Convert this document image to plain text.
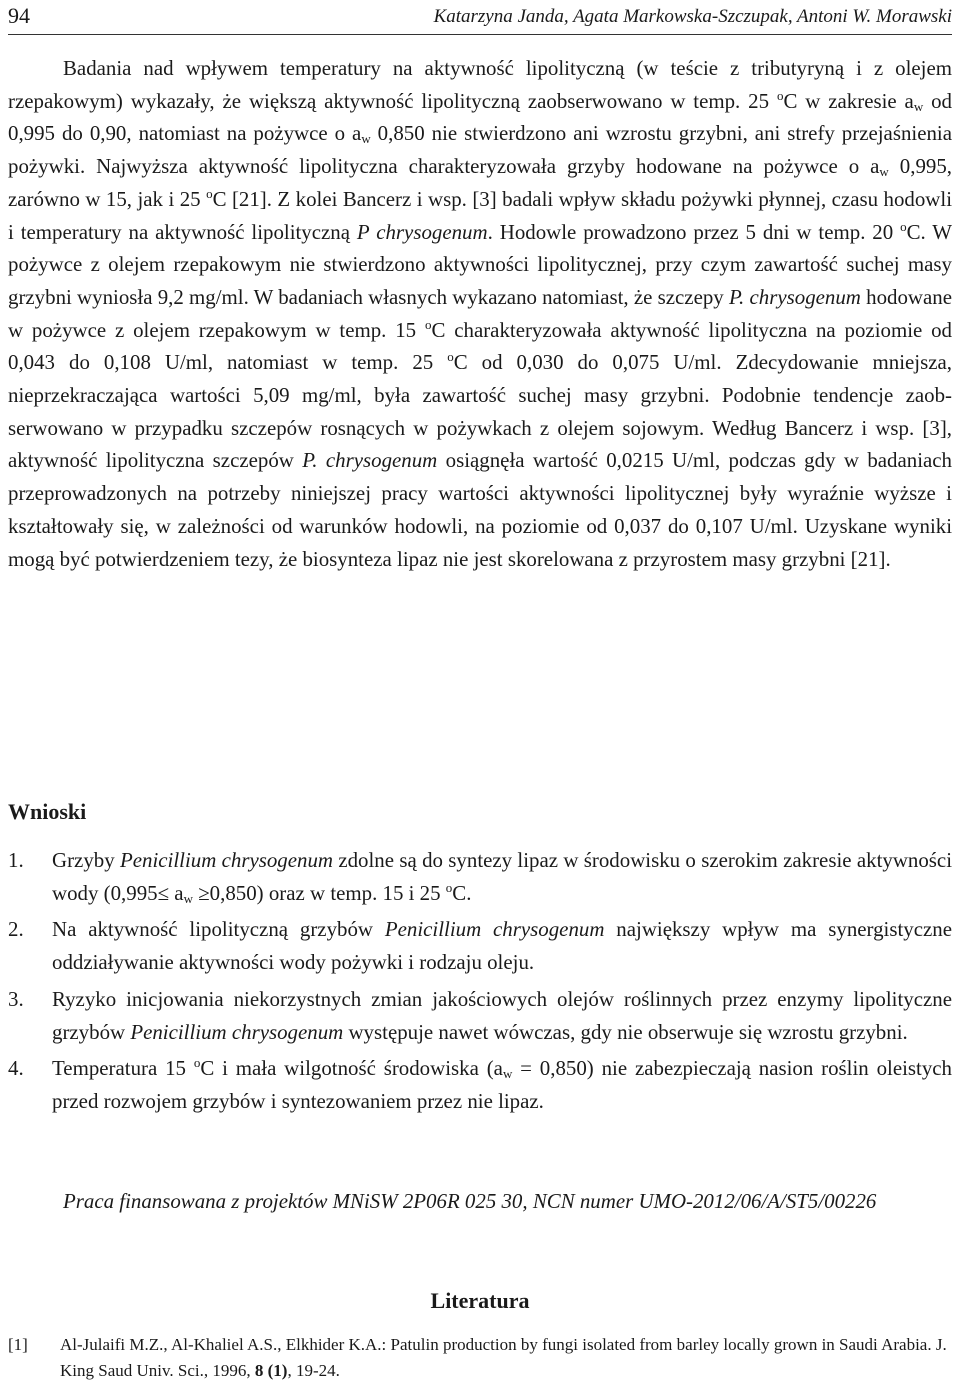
94	Katarzyna Janda, Agata Markowska-Szczupak, Antoni W. Morawski

Badania nad wpływem temperatury na aktywność lipolityczną (w teście z tributyryną i z olejem rzepakowym) wykazały, że większą aktywność lipolityczną zaobserwowano w temp. 25 $^o$C w zakresie $a_w$ od 0,995 do 0,90, natomiast na pożywce o $a_w$ 0,850 nie stwierdzono ani wzrostu grzybni, ani strefy przejaśnienia pożywki. Najwyższa aktywność lipolityczna charakteryzowała grzyby hodowane na pożywce o $a_w$ 0,995, zarówno w 15, jak i 25 $^o$C [21]. Z kolei Bancerz i wsp. [3] badali wpływ składu pożywki płynnej, czasu hodowli i temperatury na aktywność lipolityczną P chrysogenum. Hodowle prowadzono przez 5 dni w temp. 20 $^o$C. W pożywce z olejem rzepakowym nie stwierdzono aktywności lipolitycznej, przy czym zawartość suchej masy grzybni wyniosła 9,2 mg/ml. W badaniach własnych wykazano natomiast, że szczepy P. chrysogenum hodowane w pożywce z olejem rzepakowym w temp. 15 $^o$C charakteryzowała aktywność lipolityczna na poziomie od 0,043 do 0,108 U/ml, natomiast w temp. 25 $^o$C od 0,030 do 0,075 U/ml. Zdecydowanie mniejsza, nieprzekraczająca wartości 5,09 mg/ml, była zawartość suchej masy grzybni. Podobnie tendencje zaobserwowano w przypadku szczepów rosnących w pożywkach z olejem sojowym. Według Bancerz i wsp. [3], aktywność lipolityczna szczepów P. chrysogenum osiągnęła wartość 0,0215 U/ml, podczas gdy w badaniach przeprowadzonych na potrzeby niniejszej pracy wartości aktywności lipolitycznej były wyraźnie wyższe i kształtowały się, w zależności od warunków hodowli, na poziomie od 0,037 do 0,107 U/ml. Uzyskane wyniki mogą być potwierdzeniem tezy, że biosynteza lipaz nie jest skorelowana z przyrostem masy grzybni [21].

Wnioski
1. Grzyby Penicillium chrysogenum zdolne są do syntezy lipaz w środowisku o szerokim zakresie aktywności wody $(0,995\le a_w \ge 0,850)$ oraz w temp. 15 i 25 $^o$C.
2. Na aktywność lipolityczną grzybów Penicillium chrysogenum największy wpływ ma synergistyczne oddziaływanie aktywności wody pożywki i rodzaju oleju.
3. Ryzyko inicjowania niekorzystnych zmian jakościowych olejów roślinnych przez enzymy lipolityczne grzybów Penicillium chrysogenum występuje nawet wówczas, gdy nie obserwuje się wzrostu grzybni.
4. Temperatura 15 $^o$C i mała wilgotność środowiska $(a_w = 0,850)$ nie zabezpieczają nasion roślin oleistych przed rozwojem grzybów i syntezowaniem przez nie lipaz.

Praca finansowana z projektów MNiSW 2P06R 025 30, NCN numer UMO-2012/06/A/ST5/00226

Literatura
[1] Al-Julaifi M.Z., Al-Khaliel A.S., Elkhider K.A.: Patulin production by fungi isolated from barley locally grown in Saudi Arabia. J. King Saud Univ. Sci., 1996, 8 (1), 19-24.
